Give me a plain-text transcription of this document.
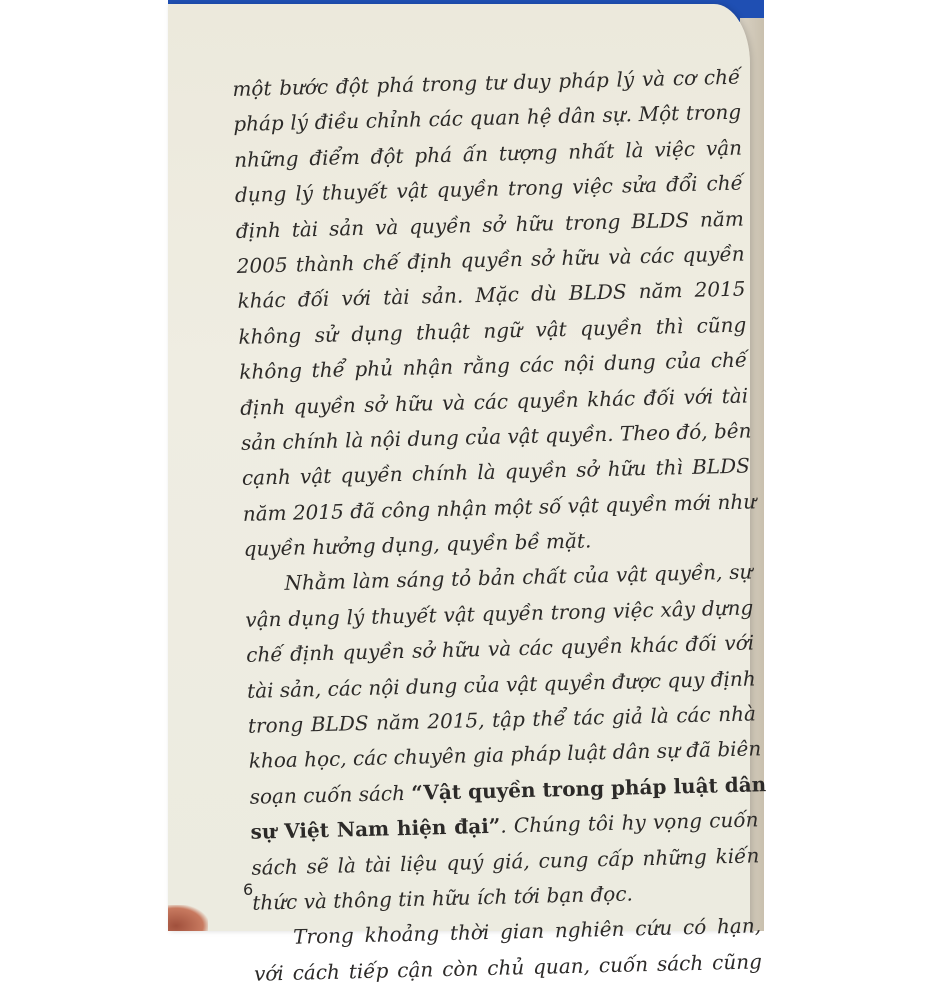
một bước đột phá trong tư duy pháp lý và cơ chế
pháp lý điều chỉnh các quan hệ dân sự. Một trong
những điểm đột phá ấn tượng nhất là việc vận
dụng lý thuyết vật quyền trong việc sửa đổi chế
định tài sản và quyền sở hữu trong BLDS năm
2005 thành chế định quyền sở hữu và các quyền
khác đối với tài sản. Mặc dù BLDS năm 2015
không sử dụng thuật ngữ vật quyền thì cũng
không thể phủ nhận rằng các nội dung của chế
định quyền sở hữu và các quyền khác đối với tài
sản chính là nội dung của vật quyền. Theo đó, bên
cạnh vật quyền chính là quyền sở hữu thì BLDS
năm 2015 đã công nhận một số vật quyền mới như
quyền hưởng dụng, quyền bề mặt.
Nhằm làm sáng tỏ bản chất của vật quyền, sự
vận dụng lý thuyết vật quyền trong việc xây dựng
chế định quyền sở hữu và các quyền khác đối với
tài sản, các nội dung của vật quyền được quy định
trong BLDS năm 2015, tập thể tác giả là các nhà
khoa học, các chuyên gia pháp luật dân sự đã biên
soạn cuốn sách “Vật quyền trong pháp luật dân
sự Việt Nam hiện đại”. Chúng tôi hy vọng cuốn
sách sẽ là tài liệu quý giá, cung cấp những kiến
thức và thông tin hữu ích tới bạn đọc.
Trong khoảng thời gian nghiên cứu có hạn,
với cách tiếp cận còn chủ quan, cuốn sách cũng
6
